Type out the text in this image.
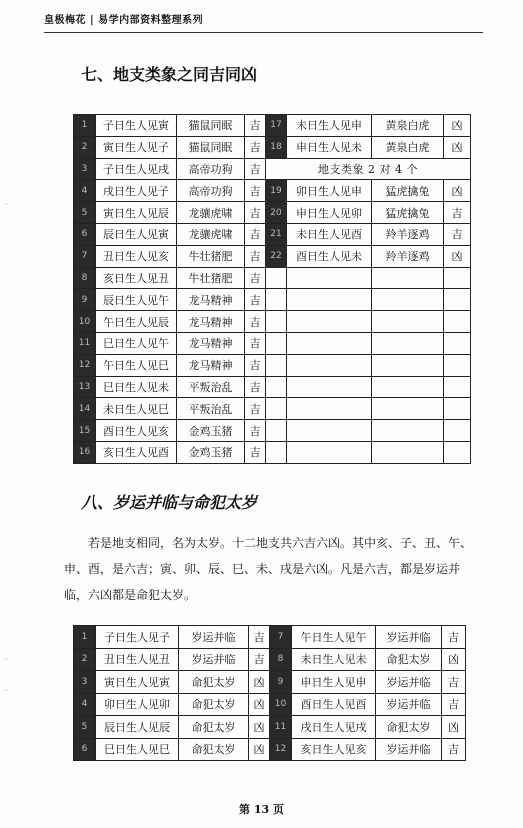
皇极梅花 | 易学内部资料整理系列
七、地支类象之同吉同凶
1	子日生人见寅	猫鼠同眠	吉	17	未日生人见申	黄泉白虎	凶
2	寅日生人见子	猫鼠同眠	吉	18	申日生人见未	黄泉白虎	凶
3	子日生人见戌	高帝功狗	吉	地支类象 2 对 4 个			
4	戌日生人见子	高帝功狗	吉	19	卯日生人见申	猛虎擒兔	凶
5	寅日生人见辰	龙骧虎啸	吉	20	申日生人见卯	猛虎擒兔	吉
6	辰日生人见寅	龙骧虎啸	吉	21	未日生人见酉	羚羊逐鸡	吉
7	丑日生人见亥	牛壮猪肥	吉	22	酉日生人见未	羚羊逐鸡	凶
8	亥日生人见丑	牛壮猪肥	吉				
9	辰日生人见午	龙马精神	吉				
10	午日生人见辰	龙马精神	吉				
11	巳日生人见午	龙马精神	吉				
12	午日生人见巳	龙马精神	吉				
13	巳日生人见未	平叛治乱	吉				
14	未日生人见巳	平叛治乱	吉				
15	酉日生人见亥	金鸡玉猪	吉				
16	亥日生人见酉	金鸡玉猪	吉				
八、岁运并临与命犯太岁
若是地支相同，名为太岁。十二地支共六吉六凶。其中亥、子、丑、午、申、酉，是六吉；寅、卯、辰、巳、未、戌是六凶。凡是六吉，都是岁运并临，六凶都是命犯太岁。
1	子日生人见子	岁运并临	吉	7	午日生人见午	岁运并临	吉
2	丑日生人见丑	岁运并临	吉	8	未日生人见未	命犯太岁	凶
3	寅日生人见寅	命犯太岁	凶	9	申日生人见申	岁运并临	吉
4	卯日生人见卯	命犯太岁	凶	10	酉日生人见酉	岁运并临	吉
5	辰日生人见辰	命犯太岁	凶	11	戌日生人见戌	命犯太岁	凶
6	巳日生人见巳	命犯太岁	凶	12	亥日生人见亥	岁运并临	吉
·
·
·
第 13 页
